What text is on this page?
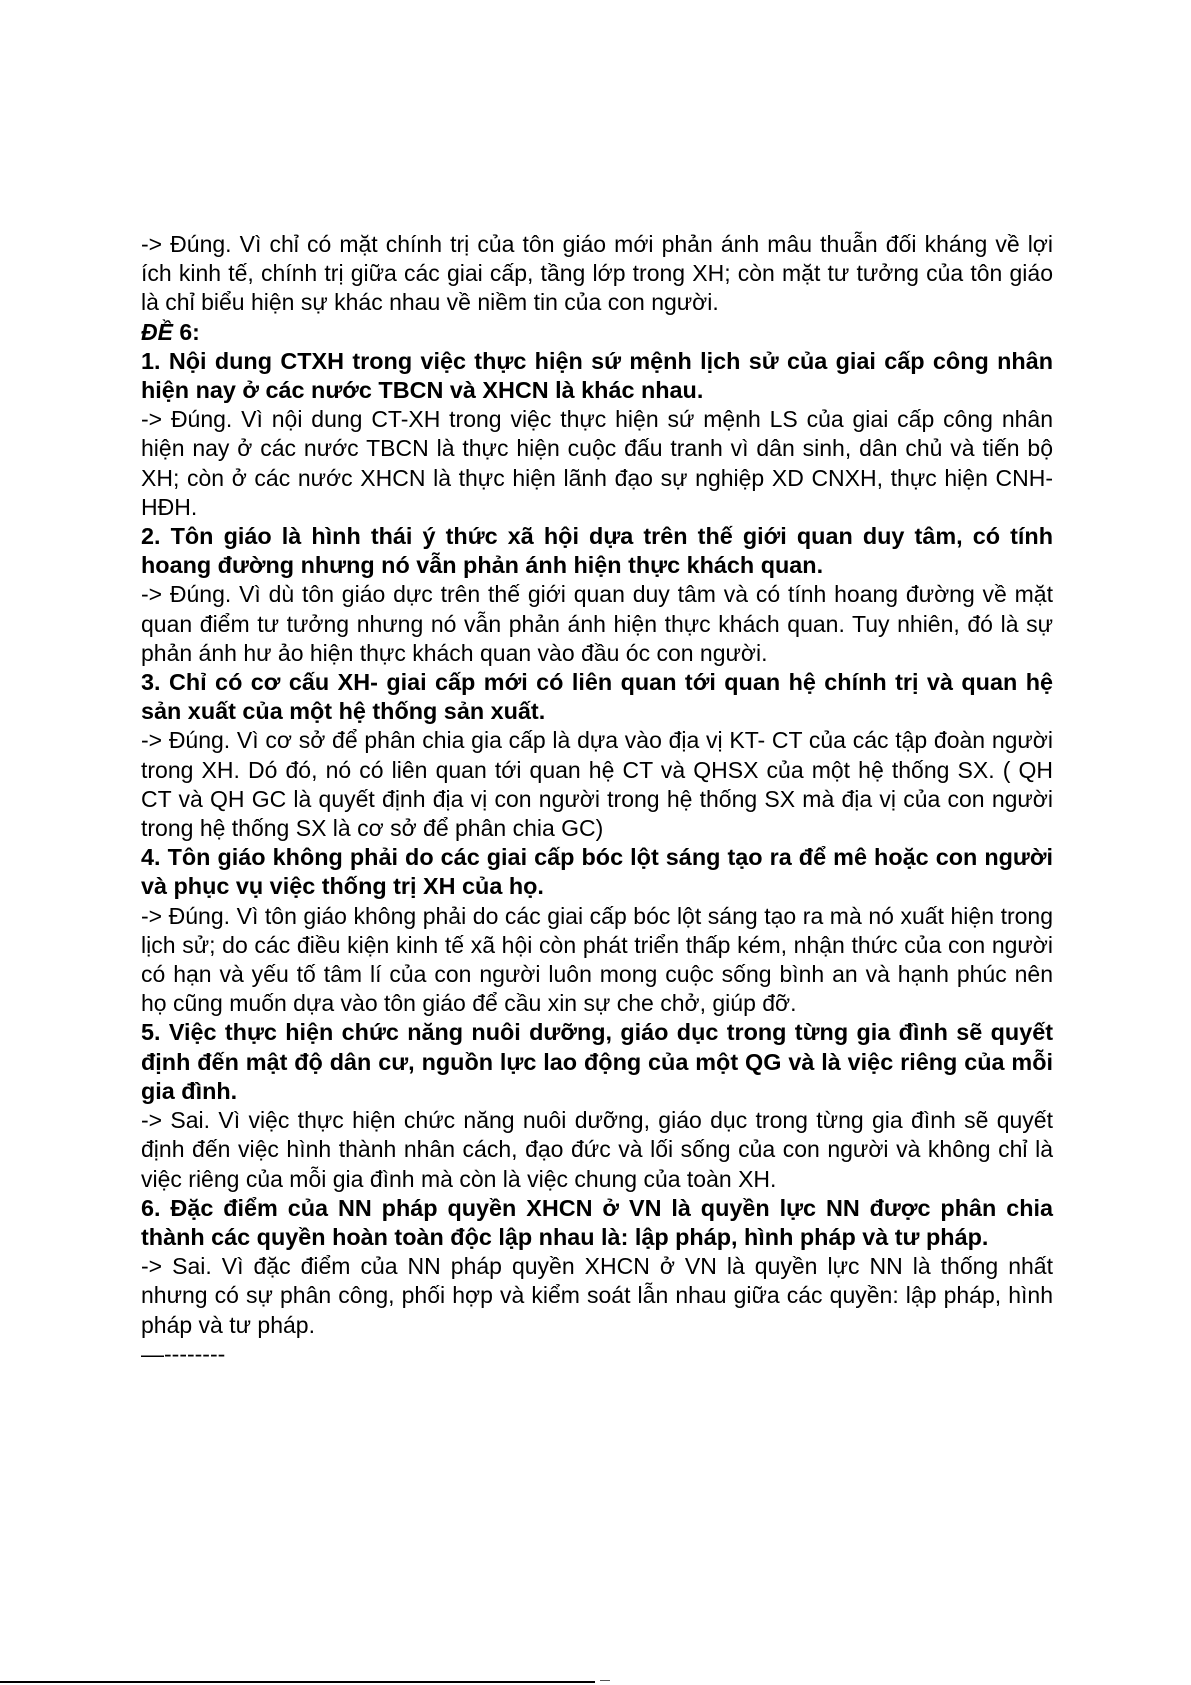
-> Đúng. Vì chỉ có mặt chính trị của tôn giáo mới phản ánh mâu thuẫn đối kháng về lợi ích kinh tế, chính trị giữa các giai cấp, tầng lớp trong XH; còn mặt tư tưởng của tôn giáo là chỉ biểu hiện sự khác nhau về niềm tin của con người.

ĐỀ 6:

1. Nội dung CTXH trong việc thực hiện sứ mệnh lịch sử của giai cấp công nhân hiện nay ở các nước TBCN và XHCN là khác nhau.

-> Đúng. Vì nội dung CT-XH trong việc thực hiện sứ mệnh LS của giai cấp công nhân hiện nay ở các nước TBCN là thực hiện cuộc đấu tranh vì dân sinh, dân chủ và tiến bộ XH; còn ở các nước XHCN là thực hiện lãnh đạo sự nghiệp XD CNXH, thực hiện CNH-HĐH.

2. Tôn giáo là hình thái ý thức xã hội dựa trên thế giới quan duy tâm, có tính hoang đường nhưng nó vẫn phản ánh hiện thực khách quan.

-> Đúng. Vì dù tôn giáo dực trên thế giới quan duy tâm và có tính hoang đường về mặt quan điểm tư tưởng nhưng nó vẫn phản ánh hiện thực khách quan. Tuy nhiên, đó là sự phản ánh hư ảo hiện thực khách quan vào đầu óc con người.

3. Chỉ có cơ cấu XH- giai cấp mới có liên quan tới quan hệ chính trị và quan hệ sản xuất của một hệ thống sản xuất.

-> Đúng. Vì cơ sở để phân chia gia cấp là dựa vào địa vị KT- CT của các tập đoàn người trong XH. Dó đó, nó có liên quan tới quan hệ CT và QHSX của một hệ thống SX. ( QH CT và QH GC là quyết định địa vị con người trong hệ thống SX mà địa vị của con người trong hệ thống SX là cơ sở để phân chia GC)

4. Tôn giáo không phải do các giai cấp bóc lột sáng tạo ra để mê hoặc con người và phục vụ việc thống trị XH của họ.

-> Đúng. Vì tôn giáo không phải do các giai cấp bóc lột sáng tạo ra mà nó xuất hiện trong lịch sử; do các điều kiện kinh tế xã hội còn phát triển thấp kém, nhận thức của con người có hạn và yếu tố tâm lí của con người luôn mong cuộc sống bình an và hạnh phúc nên họ cũng muốn dựa vào tôn giáo để cầu xin sự che chở, giúp đỡ.

5. Việc thực hiện chức năng nuôi dưỡng, giáo dục trong từng gia đình sẽ quyết định đến mật độ dân cư, nguồn lực lao động của một QG và là việc riêng của mỗi gia đình.

-> Sai. Vì việc thực hiện chức năng nuôi dưỡng, giáo dục trong từng gia đình sẽ quyết định đến việc hình thành nhân cách, đạo đức và lối sống của con người và không chỉ là việc riêng của mỗi gia đình mà còn là việc chung của toàn XH.

6. Đặc điểm của NN pháp quyền XHCN ở VN là quyền lực NN được phân chia thành các quyền hoàn toàn độc lập nhau là: lập pháp, hình pháp và tư pháp.

-> Sai. Vì đặc điểm của NN pháp quyền XHCN ở VN là quyền lực NN là thống nhất nhưng có sự phân công, phối hợp và kiểm soát lẫn nhau giữa các quyền: lập pháp, hình pháp và tư pháp.

—--------
